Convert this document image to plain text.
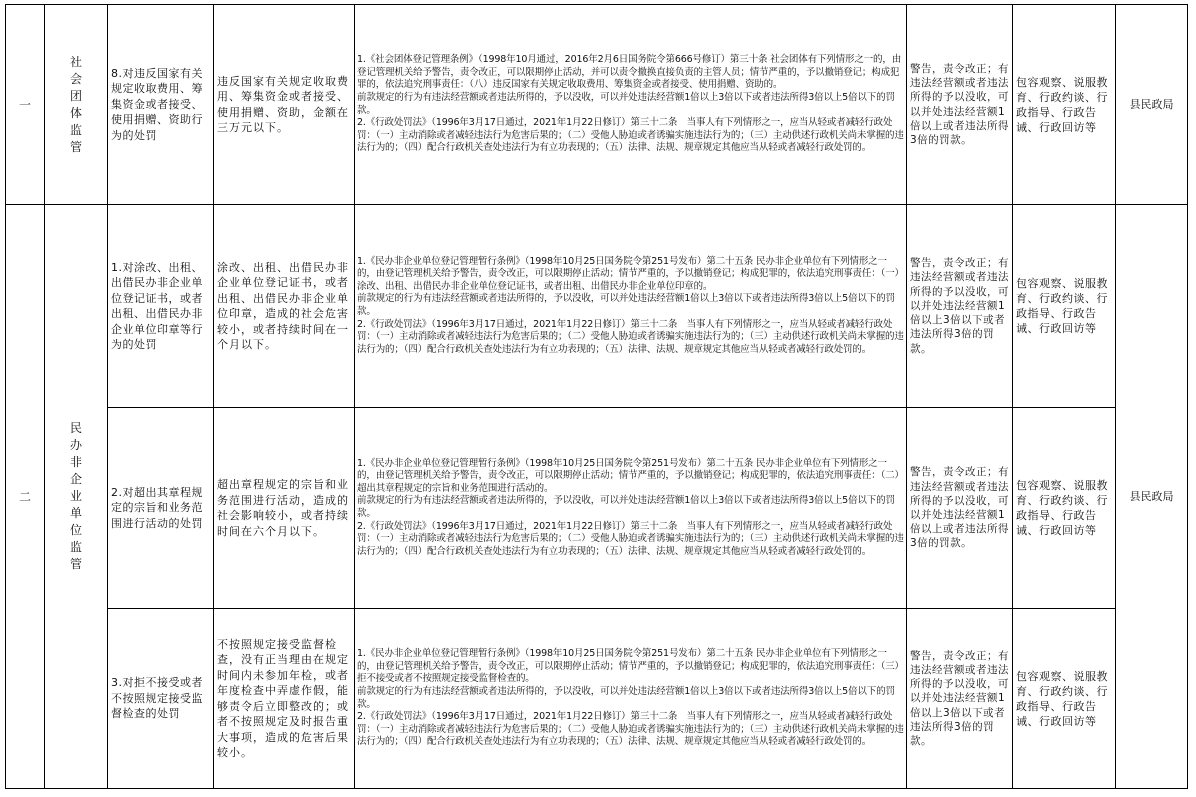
一	社会团体监管	8.对违反国家有关规定收取费用、筹集资金或者接受、使用捐赠、资助行为的处罚	违反国家有关规定收取费用、筹集资金或者接受、使用捐赠、资助，金额在三万元以下。	1.《社会团体登记管理条例》（1998年10月通过，2016年2月6日国务院令第666号修订）第三十条 社会团体有下列情形之一的，由登记管理机关给予警告，责令改正，可以限期停止活动，并可以责令撤换直接负责的主管人员；情节严重的，予以撤销登记；构成犯罪的，依法追究刑事责任：（八）违反国家有关规定收取费用、筹集资金或者接受、使用捐赠、资助的。
前款规定的行为有违法经营额或者违法所得的，予以没收，可以并处违法经营额1倍以上3倍以下或者违法所得3倍以上5倍以下的罚款。
2.《行政处罚法》（1996年3月17日通过，2021年1月22日修订）第三十二条　当事人有下列情形之一，应当从轻或者减轻行政处罚：（一）主动消除或者减轻违法行为危害后果的；（二）受他人胁迫或者诱骗实施违法行为的；（三）主动供述行政机关尚未掌握的违法行为的；（四）配合行政机关查处违法行为有立功表现的；（五）法律、法规、规章规定其他应当从轻或者减轻行政处罚的。	警告，责令改正；有违法经营额或者违法所得的予以没收，可以并处违法经营额1倍以上或者违法所得3倍的罚款。	包容观察、说服教育、行政约谈、行政指导、行政告诫、行政回访等	县民政局
二	民办非企业单位监管	1.对涂改、出租、出借民办非企业单位登记证书，或者出租、出借民办非企业单位印章等行为的处罚	涂改、出租、出借民办非企业单位登记证书，或者出租、出借民办非企业单位印章，造成的社会危害较小，或者持续时间在一个月以下。	1.《民办非企业单位登记管理暂行条例》（1998年10月25日国务院令第251号发布）第二十五条 民办非企业单位有下列情形之一的，由登记管理机关给予警告，责令改正，可以限期停止活动；情节严重的，予以撤销登记；构成犯罪的，依法追究刑事责任：（一）涂改、出租、出借民办非企业单位登记证书，或者出租、出借民办非企业单位印章的。
前款规定的行为有违法经营额或者违法所得的，予以没收，可以并处违法经营额1倍以上3倍以下或者违法所得3倍以上5倍以下的罚款。
2.《行政处罚法》（1996年3月17日通过，2021年1月22日修订）第三十二条　当事人有下列情形之一，应当从轻或者减轻行政处罚：（一）主动消除或者减轻违法行为危害后果的；（二）受他人胁迫或者诱骗实施违法行为的；（三）主动供述行政机关尚未掌握的违法行为的；（四）配合行政机关查处违法行为有立功表现的；（五）法律、法规、规章规定其他应当从轻或者减轻行政处罚的。	警告，责令改正；有违法经营额或者违法所得的予以没收，可以并处违法经营额1倍以上3倍以下或者违法所得3倍的罚款。	包容观察、说服教育、行政约谈、行政指导、行政告诫、行政回访等	县民政局
		2.对超出其章程规定的宗旨和业务范围进行活动的处罚	超出章程规定的宗旨和业务范围进行活动，造成的社会影响较小，或者持续时间在六个月以下。	1.《民办非企业单位登记管理暂行条例》（1998年10月25日国务院令第251号发布）第二十五条 民办非企业单位有下列情形之一的，由登记管理机关给予警告，责令改正，可以限期停止活动；情节严重的，予以撤销登记；构成犯罪的，依法追究刑事责任：（二）超出其章程规定的宗旨和业务范围进行活动的。
前款规定的行为有违法经营额或者违法所得的，予以没收，可以并处违法经营额1倍以上3倍以下或者违法所得3倍以上5倍以下的罚款。
2.《行政处罚法》（1996年3月17日通过，2021年1月22日修订）第三十二条　当事人有下列情形之一，应当从轻或者减轻行政处罚：（一）主动消除或者减轻违法行为危害后果的；（二）受他人胁迫或者诱骗实施违法行为的；（三）主动供述行政机关尚未掌握的违法行为的；（四）配合行政机关查处违法行为有立功表现的；（五）法律、法规、规章规定其他应当从轻或者减轻行政处罚的。	警告，责令改正；有违法经营额或者违法所得的予以没收，可以并处违法经营额1倍以上或者违法所得3倍的罚款。	包容观察、说服教育、行政约谈、行政指导、行政告诫、行政回访等	
		3.对拒不接受或者不按照规定接受监督检查的处罚	不按照规定接受监督检查，没有正当理由在规定时间内未参加年检，或者年度检查中弄虚作假，能够责令后立即整改的；或者不按照规定及时报告重大事项，造成的危害后果较小。	1.《民办非企业单位登记管理暂行条例》（1998年10月25日国务院令第251号发布）第二十五条 民办非企业单位有下列情形之一的，由登记管理机关给予警告，责令改正，可以限期停止活动；情节严重的，予以撤销登记；构成犯罪的，依法追究刑事责任：（三）拒不接受或者不按照规定接受监督检查的。
前款规定的行为有违法经营额或者违法所得的，予以没收，可以并处违法经营额1倍以上3倍以下或者违法所得3倍以上5倍以下的罚款。
2.《行政处罚法》（1996年3月17日通过，2021年1月22日修订）第三十二条　当事人有下列情形之一，应当从轻或者减轻行政处罚：（一）主动消除或者减轻违法行为危害后果的；（二）受他人胁迫或者诱骗实施违法行为的；（三）主动供述行政机关尚未掌握的违法行为的；（四）配合行政机关查处违法行为有立功表现的；（五）法律、法规、规章规定其他应当从轻或者减轻行政处罚的。	警告，责令改正；有违法经营额或者违法所得的予以没收，可以并处违法经营额1倍以上3倍以下或者违法所得3倍的罚款。	包容观察、说服教育、行政约谈、行政指导、行政告诫、行政回访等	
